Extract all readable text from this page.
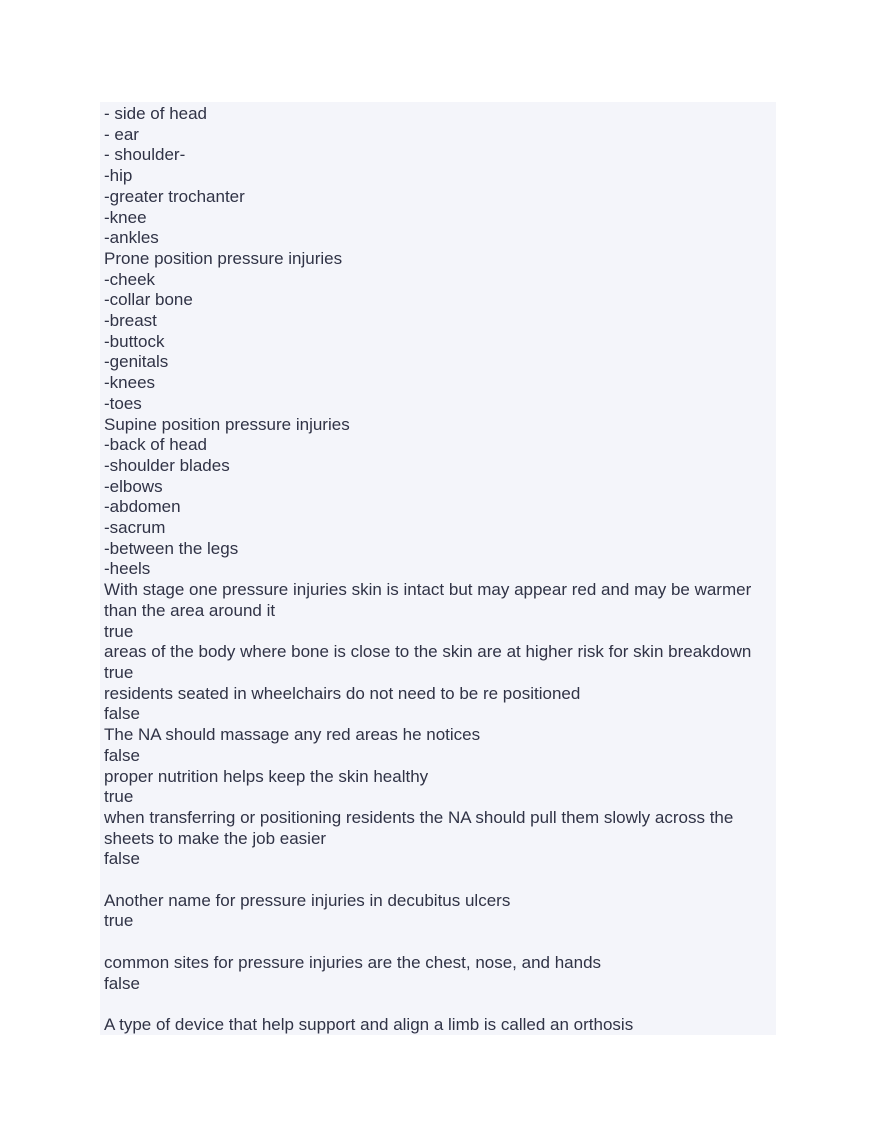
- side of head

- ear

- shoulder-

-hip

-greater trochanter

-knee

-ankles

Prone position pressure injuries

-cheek

-collar bone

-breast

-buttock

-genitals

-knees

-toes

Supine position pressure injuries

-back of head

-shoulder blades

-elbows

-abdomen

-sacrum

-between the legs

-heels

With stage one pressure injuries skin is intact but may appear red and may be warmer

than the area around it

true

areas of the body where bone is close to the skin are at higher risk for skin breakdown

true

residents seated in wheelchairs do not need to be re positioned

false

The NA should massage any red areas he notices

false

proper nutrition helps keep the skin healthy

true

when transferring or positioning residents the NA should pull them slowly across the

sheets to make the job easier

false

Another name for pressure injuries in decubitus ulcers

true

common sites for pressure injuries are the chest, nose, and hands

false

A type of device that help support and align a limb is called an orthosis
